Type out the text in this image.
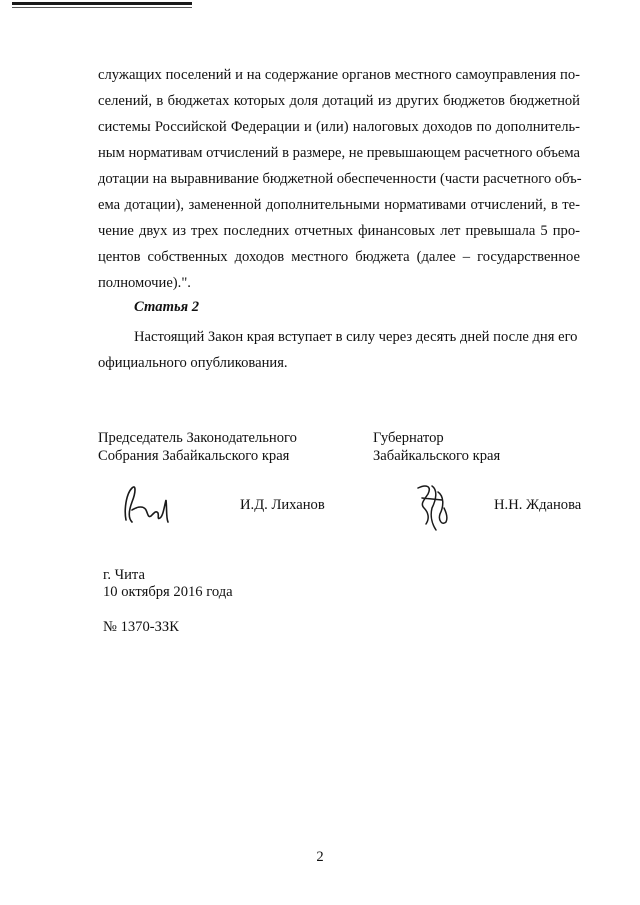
служащих поселений и на содержание органов местного самоуправления по-
селений, в бюджетах которых доля дотаций из других бюджетов бюджетной
системы Российской Федерации и (или) налоговых доходов по дополнитель-
ным нормативам отчислений в размере, не превышающем расчетного объема
дотации на выравнивание бюджетной обеспеченности (части расчетного объ-
ема дотации), замененной дополнительными нормативами отчислений, в те-
чение двух из трех последних отчетных финансовых лет превышала 5 про-
центов собственных доходов местного бюджета (далее – государственное
полномочие).".
Статья 2
Настоящий Закон края вступает в силу через десять дней после дня его
официального опубликования.
Председатель Законодательного
Собрания Забайкальского края
Губернатор
Забайкальского края
И.Д. Лиханов	Н.Н. Жданова
г. Чита
10 октября 2016 года
№ 1370-ЗЗК
2
